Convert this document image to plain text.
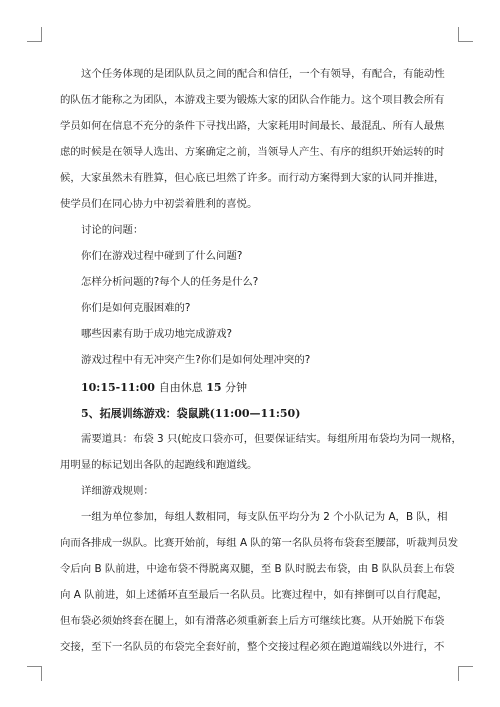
这个任务体现的是团队队员之间的配合和信任，一个有领导，有配合，有能动性
的队伍才能称之为团队，本游戏主要为锻炼大家的团队合作能力。这个项目教会所有
学员如何在信息不充分的条件下寻找出路，大家耗用时间最长、最混乱、所有人最焦
虑的时候是在领导人选出、方案确定之前，当领导人产生、有序的组织开始运转的时
候，大家虽然未有胜算，但心底已坦然了许多。而行动方案得到大家的认同并推进，
使学员们在同心协力中初尝着胜利的喜悦。
讨论的问题：
你们在游戏过程中碰到了什么问题?
怎样分析问题的?每个人的任务是什么?
你们是如何克服困难的?
哪些因素有助于成功地完成游戏?
游戏过程中有无冲突产生?你们是如何处理冲突的?
10:15-11:00 自由休息 15 分钟
5、拓展训练游戏：袋鼠跳(11:00—11:50)
需要道具：布袋 3 只(蛇皮口袋亦可，但要保证结实。每组所用布袋均为同一规格，
用明显的标记划出各队的起跑线和跑道线。
详细游戏规则：
一组为单位参加，每组人数相同，每支队伍平均分为 2 个小队记为 A，B 队，相
向而各排成一纵队。比赛开始前，每组 A 队的第一名队员将布袋套至腰部，听裁判员发
令后向 B 队前进，中途布袋不得脱离双腿，至 B 队时脱去布袋，由 B 队队员套上布袋
向 A 队前进，如上述循环直至最后一名队员。比赛过程中，如有摔倒可以自行爬起，
但布袋必须始终套在腿上，如有滑落必须重新套上后方可继续比赛。从开始脱下布袋
交接，至下一名队员的布袋完全套好前，整个交接过程必须在跑道端线以外进行，不
